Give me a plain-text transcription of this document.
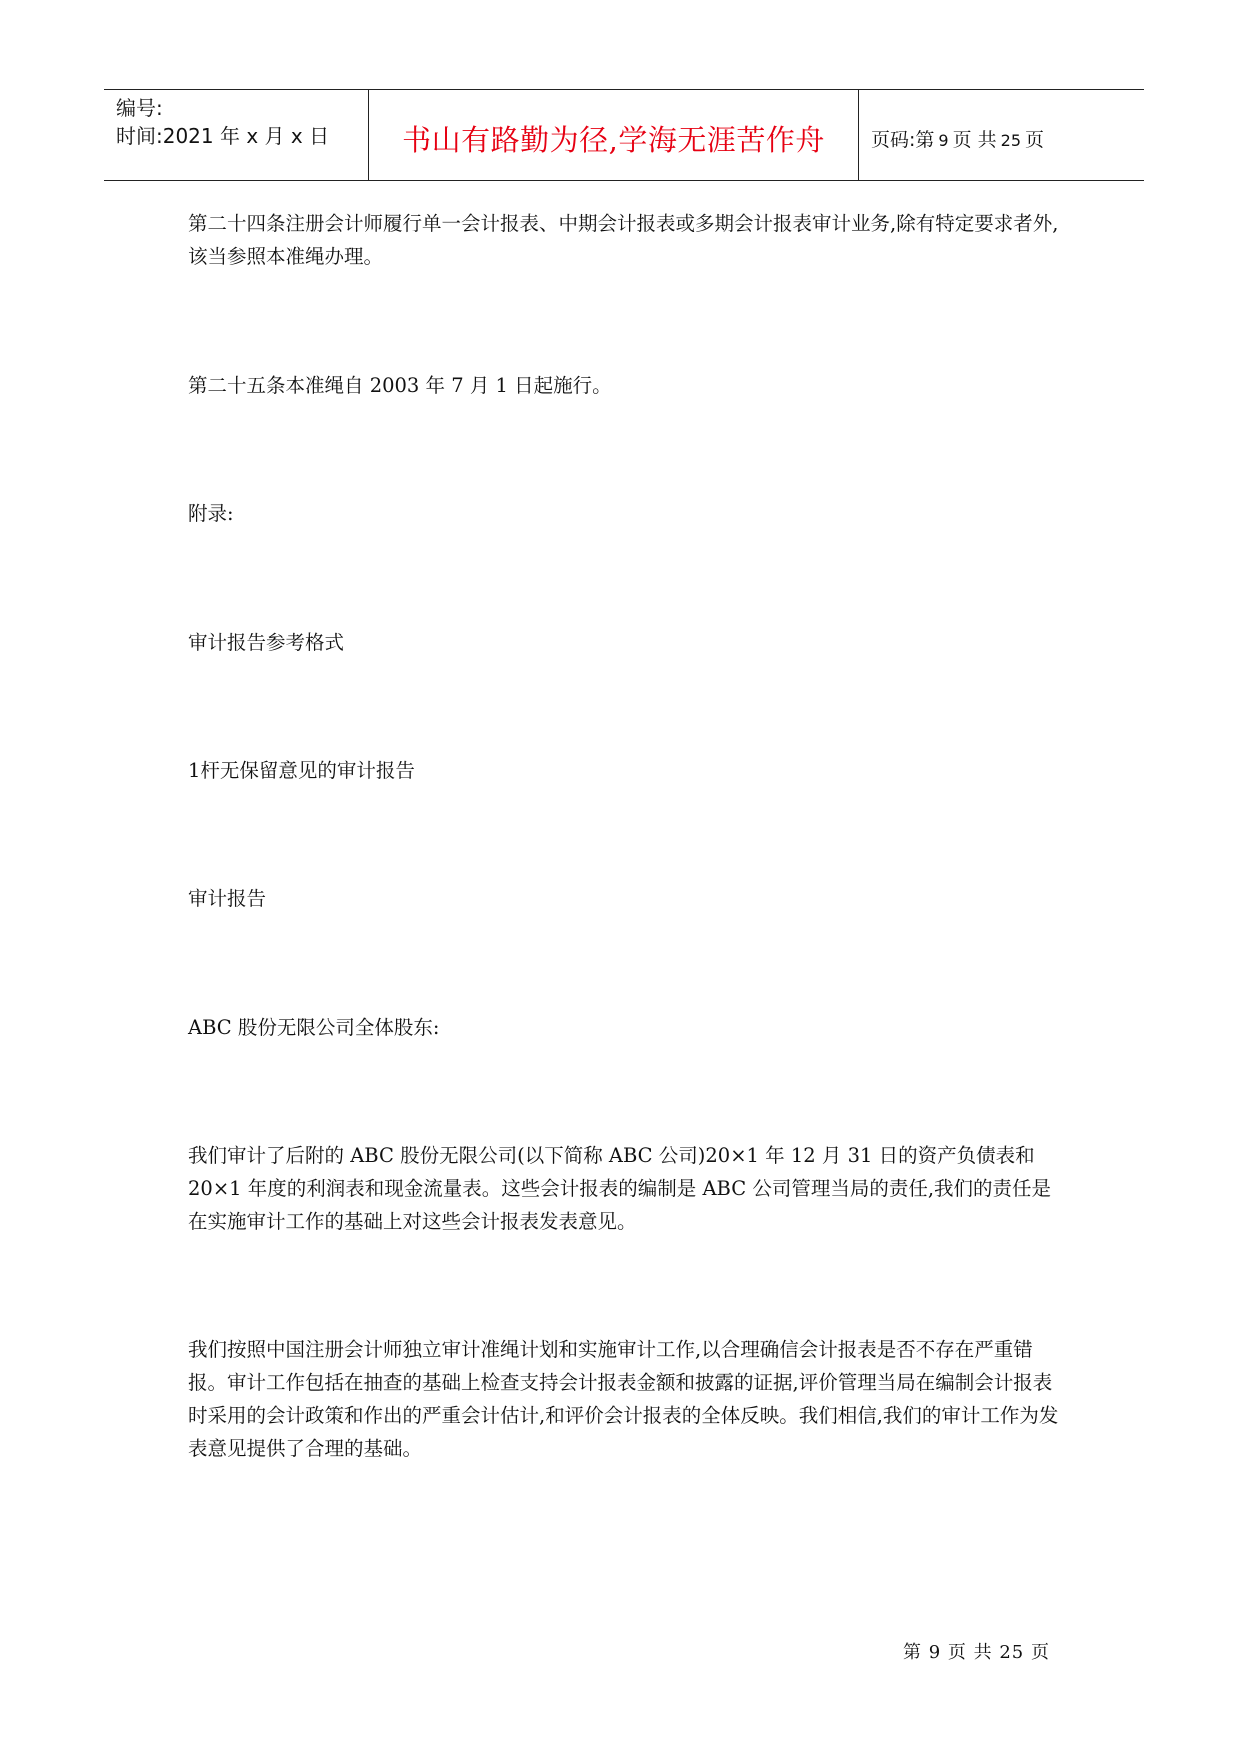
编号:
时间:2021 年 x 月 x 日	书山有路勤为径,学海无涯苦作舟	页码:第 9 页 共 25 页

第二十四条注册会计师履行单一会计报表、中期会计报表或多期会计报表审计业务,除有特定要求者外,该当参照本准绳办理。

第二十五条本准绳自 2003 年 7 月 1 日起施行。

附录:

审计报告参考格式

1杆无保留意见的审计报告

审计报告

ABC 股份无限公司全体股东:

我们审计了后附的 ABC 股份无限公司(以下简称 ABC 公司)20×1 年 12 月 31 日的资产负债表和 20×1 年度的利润表和现金流量表。这些会计报表的编制是 ABC 公司管理当局的责任,我们的责任是在实施审计工作的基础上对这些会计报表发表意见。

我们按照中国注册会计师独立审计准绳计划和实施审计工作,以合理确信会计报表是否不存在严重错报。审计工作包括在抽查的基础上检查支持会计报表金额和披露的证据,评价管理当局在编制会计报表时采用的会计政策和作出的严重会计估计,和评价会计报表的全体反映。我们相信,我们的审计工作为发表意见提供了合理的基础。

第 9 页 共 25 页
